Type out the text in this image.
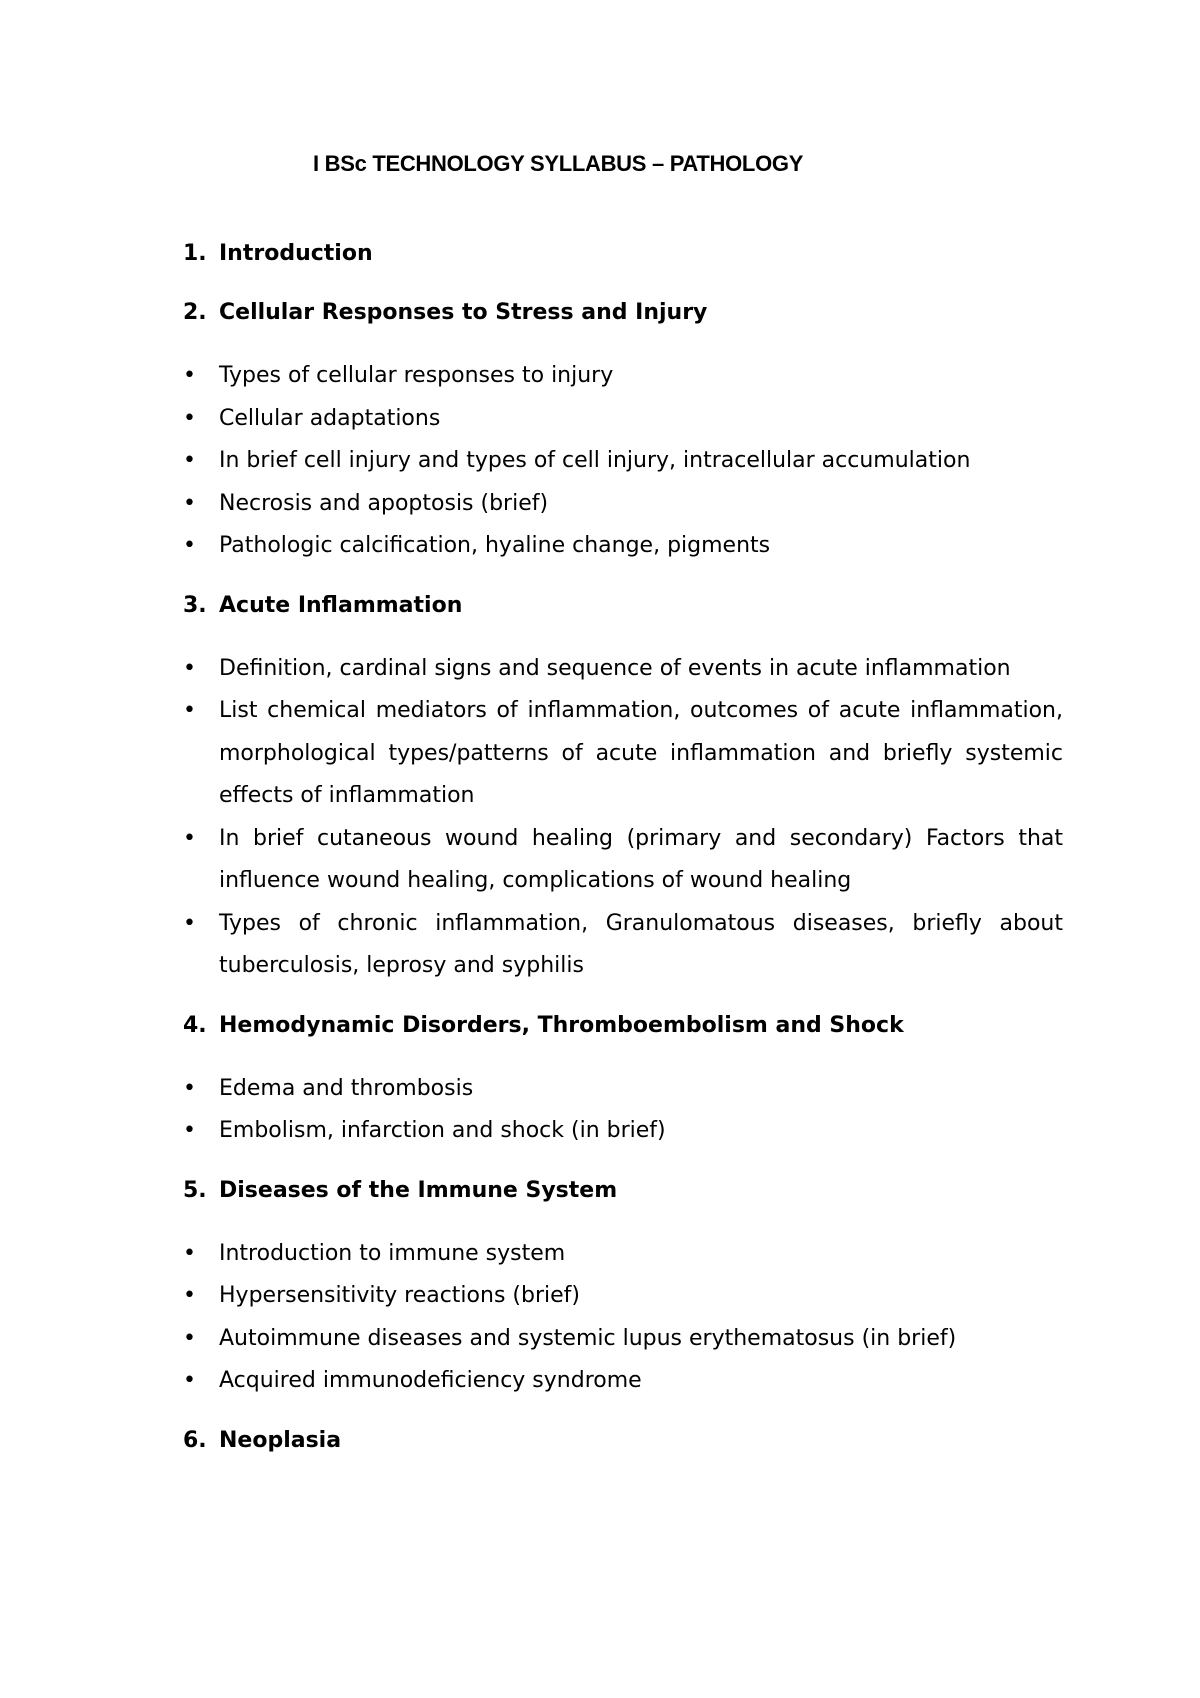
I BSc TECHNOLOGY SYLLABUS – PATHOLOGY
1. Introduction
2. Cellular Responses to Stress and Injury
•	Types of cellular responses to injury
•	Cellular adaptations
•	In brief cell injury and types of cell injury, intracellular accumulation
•	Necrosis and apoptosis (brief)
•	Pathologic calcification, hyaline change, pigments
3. Acute Inflammation
•	Definition, cardinal signs and sequence of events in acute inflammation
•	List chemical mediators of inflammation, outcomes of acute inflammation, morphological types/patterns of acute inflammation and briefly systemic effects of inflammation
•	In brief cutaneous wound healing (primary and secondary) Factors that influence wound healing, complications of wound healing
•	Types of chronic inflammation, Granulomatous diseases, briefly about tuberculosis, leprosy and syphilis
4. Hemodynamic Disorders, Thromboembolism and Shock
•	Edema and thrombosis
•	Embolism, infarction and shock (in brief)
5. Diseases of the Immune System
•	Introduction to immune system
•	Hypersensitivity reactions (brief)
•	Autoimmune diseases and systemic lupus erythematosus (in brief)
•	Acquired immunodeficiency syndrome
6. Neoplasia
